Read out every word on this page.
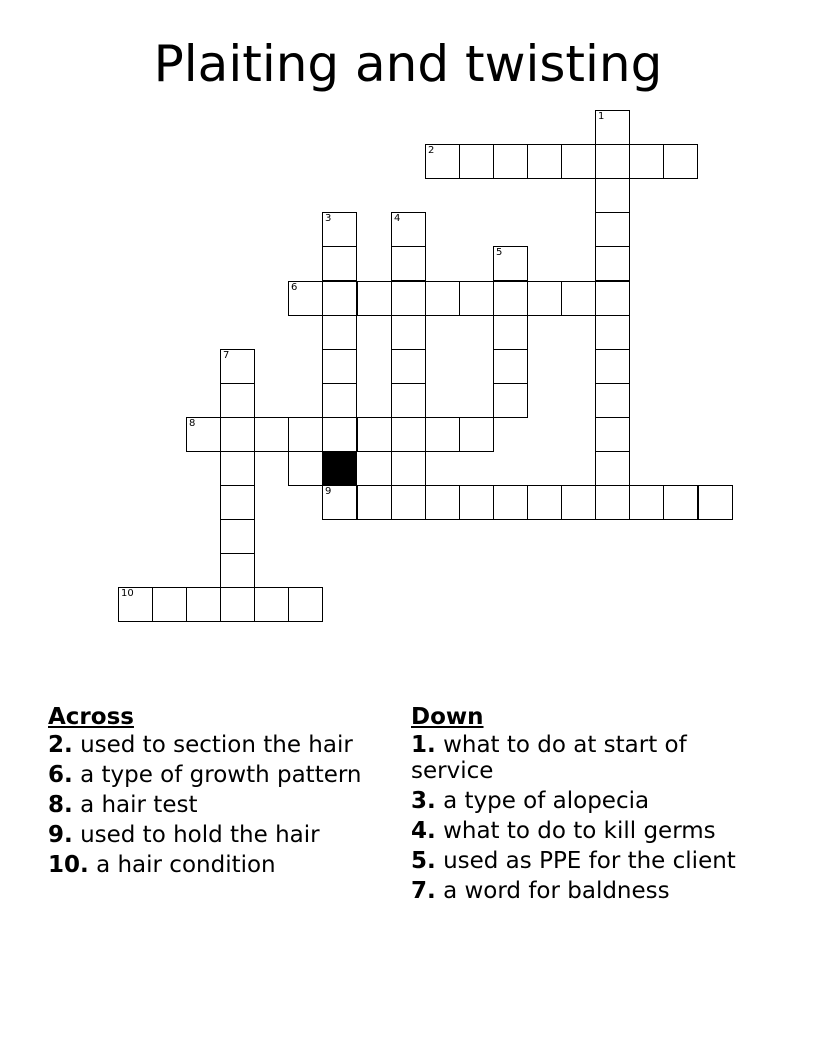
Plaiting and twisting
1
2
3	4
5
6
7
8
9
10
Across
2. used to section the hair
6. a type of growth pattern
8. a hair test
9. used to hold the hair
10. a hair condition
Down
1. what to do at start of service
3. a type of alopecia
4. what to do to kill germs
5. used as PPE for the client
7. a word for baldness
